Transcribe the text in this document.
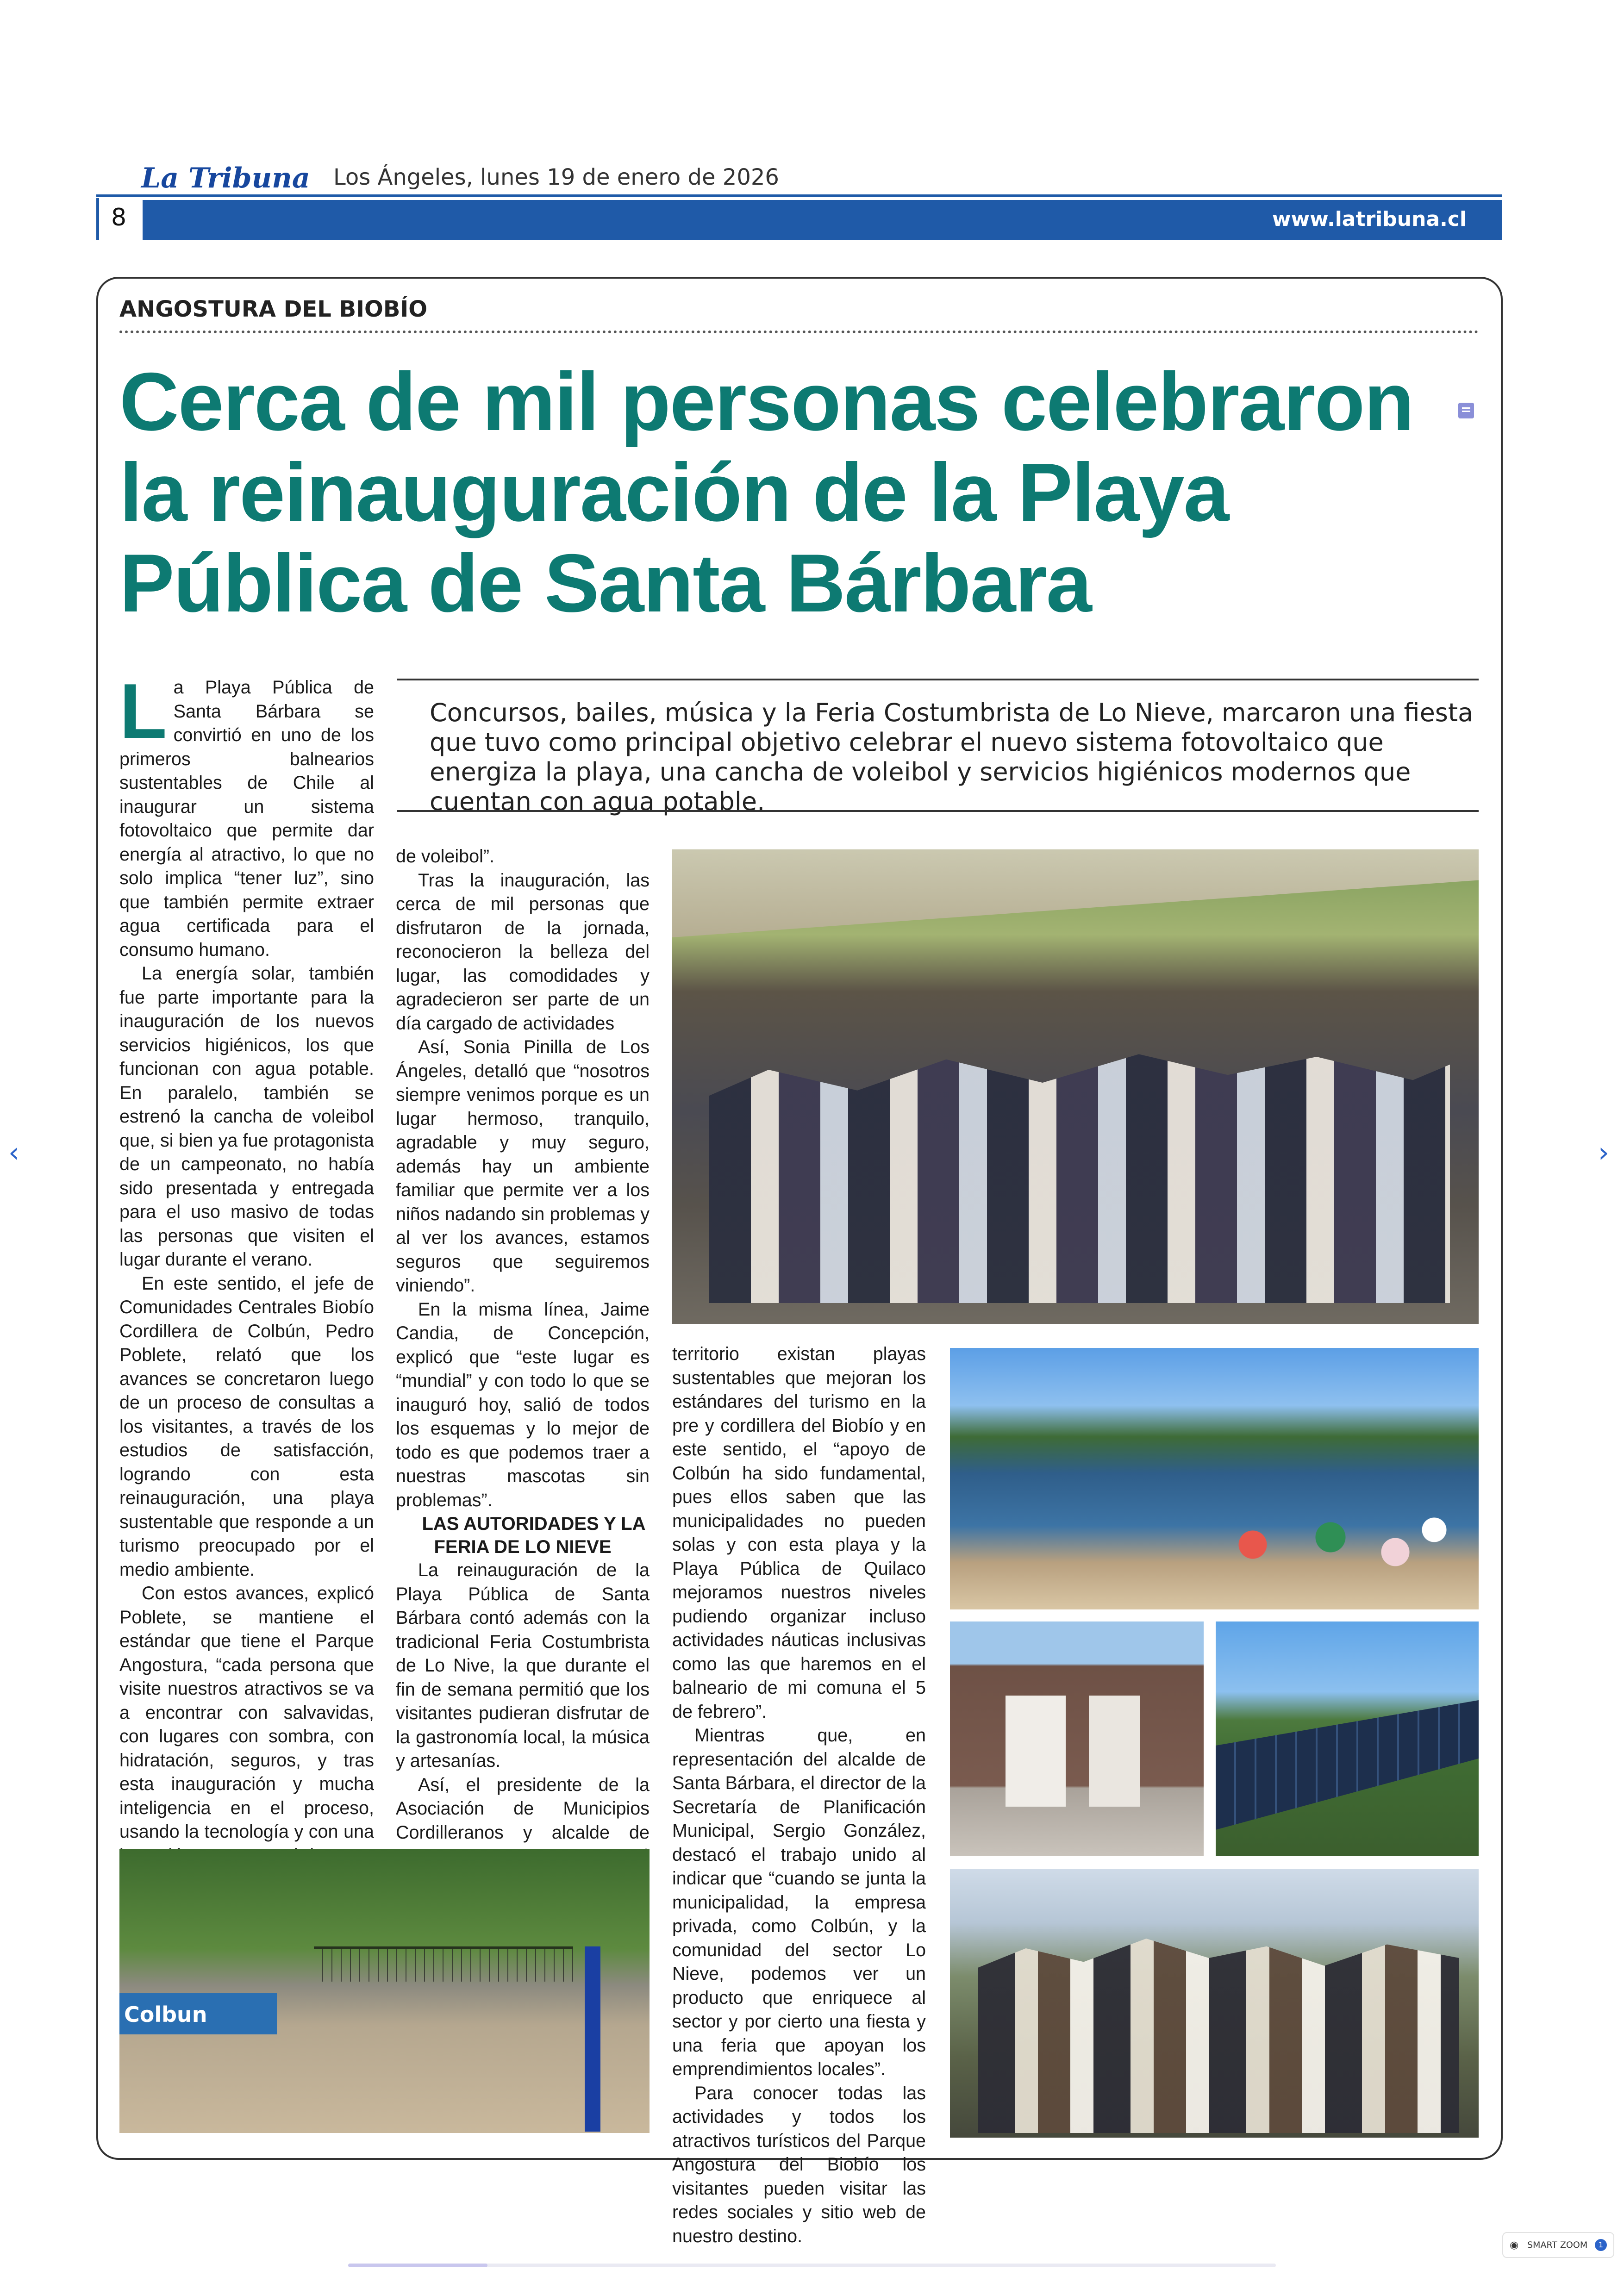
La Tribuna Los Ángeles, lunes 19 de enero de 2026
8	www.latribuna.cl
ANGOSTURA DEL BIOBÍO
Cerca de mil personas celebraron la reinauguración de la Playa Pública de Santa Bárbara

Concursos, bailes, música y la Feria Costumbrista de Lo Nieve, marcaron una fiesta que tuvo como principal objetivo celebrar el nuevo sistema fotovoltaico que energiza la playa, una cancha de voleibol y servicios higiénicos modernos que cuentan con agua potable.

La Playa Pública de Santa Bárbara se convirtió en uno de los primeros balnearios sustentables de Chile al inaugurar un sistema fotovoltaico que permite dar energía al atractivo, lo que no solo implica “tener luz”, sino que también permite extraer agua certificada para el consumo humano.

La energía solar, también fue parte importante para la inauguración de los nuevos servicios higiénicos, los que funcionan con agua potable. En paralelo, también se estrenó la cancha de voleibol que, si bien ya fue protagonista de un campeonato, no había sido presentada y entregada para el uso masivo de todas las personas que visiten el lugar durante el verano.

En este sentido, el jefe de Comunidades Centrales Biobío Cordillera de Colbún, Pedro Poblete, relató que los avances se concretaron luego de un proceso de consultas a los visitantes, a través de los estudios de satisfacción, logrando con esta reinauguración, una playa sustentable que responde a un turismo preocupado por el medio ambiente.

Con estos avances, explicó Poblete, se mantiene el estándar que tiene el Parque Angostura, “cada persona que visite nuestros atractivos se va a encontrar con salvavidas, con lugares con sombra, con hidratación, seguros, y tras esta inauguración y mucha inteligencia en el proceso, usando la tecnología y con una

de voleibol”.

Tras la inauguración, las cerca de mil personas que disfrutaron de la jornada, reconocieron la belleza del lugar, las comodidades y agradecieron ser parte de un día cargado de actividades

Así, Sonia Pinilla de Los Ángeles, detalló que “nosotros siempre venimos porque es un lugar hermoso, tranquilo, agradable y muy seguro, además hay un ambiente familiar que permite ver a los niños nadando sin problemas y al ver los avances, estamos seguros que seguiremos viniendo”.

En la misma línea, Jaime Candia, de Concepción, explicó que “este lugar es “mundial” y con todo lo que se inauguró hoy, salió de todos los esquemas y lo mejor de todo es que podemos traer a nuestras mascotas sin problemas”.

LAS AUTORIDADES Y LA FERIA DE LO NIEVE

La reinauguración de la Playa Pública de Santa Bárbara contó además con la tradicional Feria Costumbrista de Lo Nive, la que durante el fin de semana permitió que los visitantes pudieran disfrutar de la gastronomía local, la música y artesanías.

Así, el presidente de la Asociación de Municipios Cordilleranos y alcalde de

territorio existan playas sustentables que mejoran los estándares del turismo en la pre y cordillera del Biobío y en este sentido, el “apoyo de Colbún ha sido fundamental, pues ellos saben que las municipalidades no pueden solas y con esta playa y la Playa Pública de Quilaco mejoramos nuestros niveles pudiendo organizar incluso actividades náuticas inclusivas como las que haremos en el balneario de mi comuna el 5 de febrero”.

Mientras que, en representación del alcalde de Santa Bárbara, el director de la Secretaría de Planificación Municipal, Sergio González, destacó el trabajo unido al indicar que “cuando se junta la municipalidad, la empresa privada, como Colbún, y la comunidad del sector Lo Nieve, podemos ver un producto que enriquece al sector y por cierto una fiesta y una feria que apoyan los emprendimientos locales”.

Para conocer todas las actividades y todos los atractivos turísticos del Parque Angostura del Biobío los visitantes pueden visitar las redes sociales y sitio web de nuestro destino.

Colbun
‹	›
◉ SMART ZOOM	1
